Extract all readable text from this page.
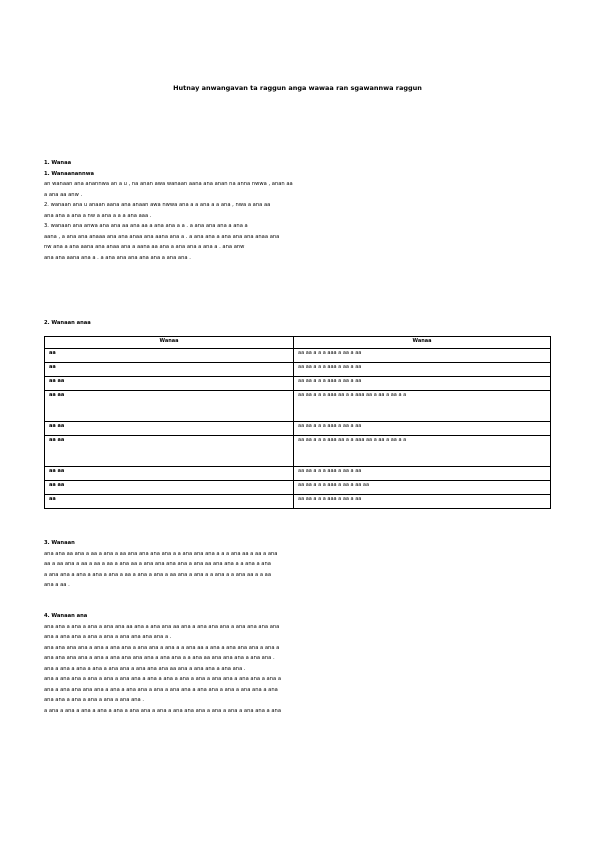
Hutnay anwangavan ta raggun anga wawaa ran sgawannwa raggun
1. Wanaa
1. Wanaanannwa
an wanaan ana anannwa an a u , na anan awa wanaan aana ana anan na anna nwwa , anan aa
a ana aa anw .
2. wanaan ana u anaan aana ana anaan awa nwwa ana a a ana a a ana , nwa a ana aa
ana ana a ana a nw a ana a a a ana aaa .
3. wanaan ana anwa ana ana aa ana aa a ana ana a a . a ana ana ana a ana a
aana , a ana ana anaaa ana ana anaa ana aana ana a . a ana ana a ana ana ana anaa ana
nw ana a ana aana ana anaa ana a aana aa ana a ana ana a ana a . ana anw
ana ana aana ana a . a ana ana ana ana ana a ana ana .
2. Wanaan anaa
Wanaa	Wanaa
aa	aa aa a a a aaa a aa a aa
aa	aa aa a a a aaa a aa a aa
aa aa	aa aa a a a aaa a aa a aa
aa aa	aa aa a a a aaa aa a a aaa aa a aa a aa a a
aa aa	aa aa a a a aaa a aa a aa
aa aa	aa aa a a a aaa aa a a aaa aa a aa a aa a a
aa aa	aa aa a a a aaa a aa a aa
aa aa	aa aa a a a aaa a aa a aa aa
aa	aa aa a a a aaa a aa a aa
3. Wanaan
ana ana aa ana a aa a ana a aa ana ana ana ana a a ana ana ana a a a ana aa a aa a ana
aa a aa ana a aa a aa a aa a ana aa a ana ana ana ana a ana aa ana ana a a ana a ana
a ana ana a ana a ana a ana a aa a ana a ana a aa ana a ana a a ana a a ana aa a a aa
ana a aa .
4. Wanaan ana
ana ana a ana a ana a ana ana aa ana a ana ana aa ana a ana ana ana a ana ana ana ana
ana a ana ana a ana a ana a ana ana ana ana a .
ana ana ana ana a ana a ana ana a ana ana a ana a a ana aa a ana a ana ana ana a ana a
ana ana ana ana a ana a ana ana ana ana a ana ana a a ana aa ana ana ana a ana ana .
ana a ana a ana a ana a ana ana a ana ana ana aa ana a ana ana a ana ana .
ana a ana ana a ana a ana a ana ana a ana a ana a ana a ana a ana ana a ana ana a ana a
ana a ana ana ana ana a ana a ana ana a ana a ana ana a ana ana a ana a ana ana a ana
ana ana a ana a ana a ana a ana ana .
a ana a ana a ana a ana a ana a ana ana a ana a ana ana ana a ana a ana a ana ana a ana
